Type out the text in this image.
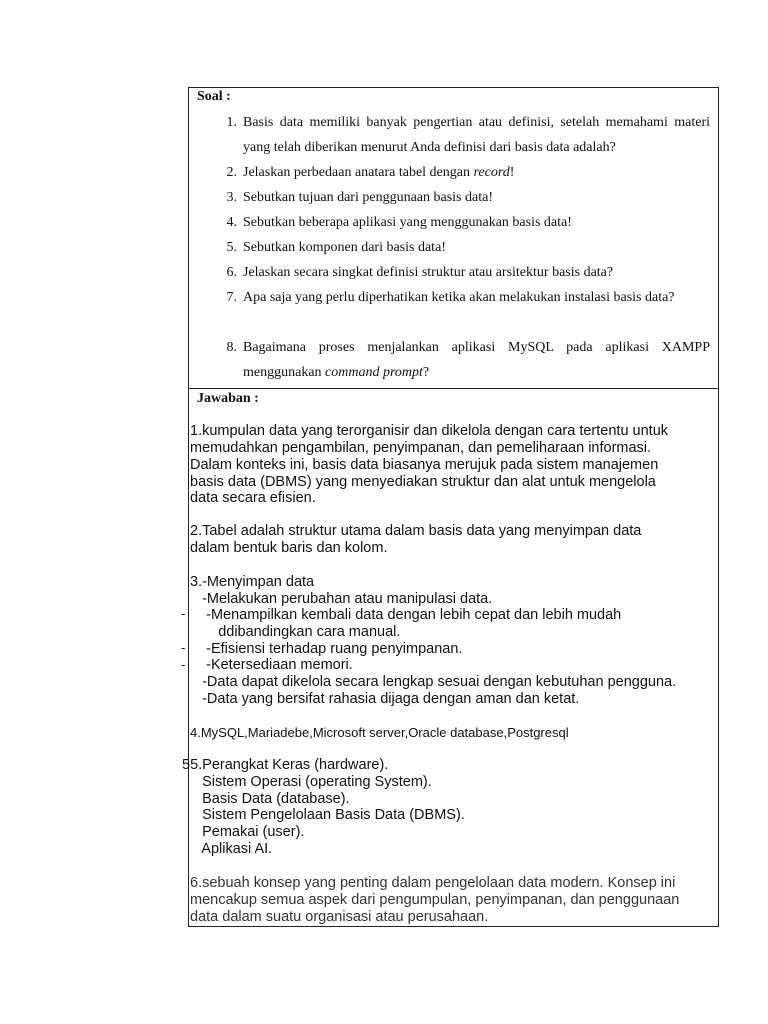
Soal :
1. Basis data memiliki banyak pengertian atau definisi, setelah memahami materi yang telah diberikan menurut Anda definisi dari basis data adalah?
2. Jelaskan perbedaan anatara tabel dengan record!
3. Sebutkan tujuan dari penggunaan basis data!
4. Sebutkan beberapa aplikasi yang menggunakan basis data!
5. Sebutkan komponen dari basis data!
6. Jelaskan secara singkat definisi struktur atau arsitektur basis data?
7. Apa saja yang perlu diperhatikan ketika akan melakukan instalasi basis data?
8. Bagaimana proses menjalankan aplikasi MySQL pada aplikasi XAMPP menggunakan command prompt?
Jawaban :
1.kumpulan data yang terorganisir dan dikelola dengan cara tertentu untuk
memudahkan pengambilan, penyimpanan, dan pemeliharaan informasi.
Dalam konteks ini, basis data biasanya merujuk pada sistem manajemen
basis data (DBMS) yang menyediakan struktur dan alat untuk mengelola
data secara efisien.
2.Tabel adalah struktur utama dalam basis data yang menyimpan data
dalam bentuk baris dan kolom.
3.-Menyimpan data
-Melakukan perubahan atau manipulasi data.
-Menampilkan kembali data dengan lebih cepat dan lebih mudah
ddibandingkan cara manual.
-Efisiensi terhadap ruang penyimpanan.
-Ketersediaan memori.
-Data dapat dikelola secara lengkap sesuai dengan kebutuhan pengguna.
-Data yang bersifat rahasia dijaga dengan aman dan ketat.
4.MySQL,Mariadebe,Microsoft server,Oracle database,Postgresql
55.Perangkat Keras (hardware).
Sistem Operasi (operating System).
Basis Data (database).
Sistem Pengelolaan Basis Data (DBMS).
Pemakai (user).
Aplikasi AI.
6.sebuah konsep yang penting dalam pengelolaan data modern. Konsep ini
mencakup semua aspek dari pengumpulan, penyimpanan, dan penggunaan
data dalam suatu organisasi atau perusahaan.
-
-
-
